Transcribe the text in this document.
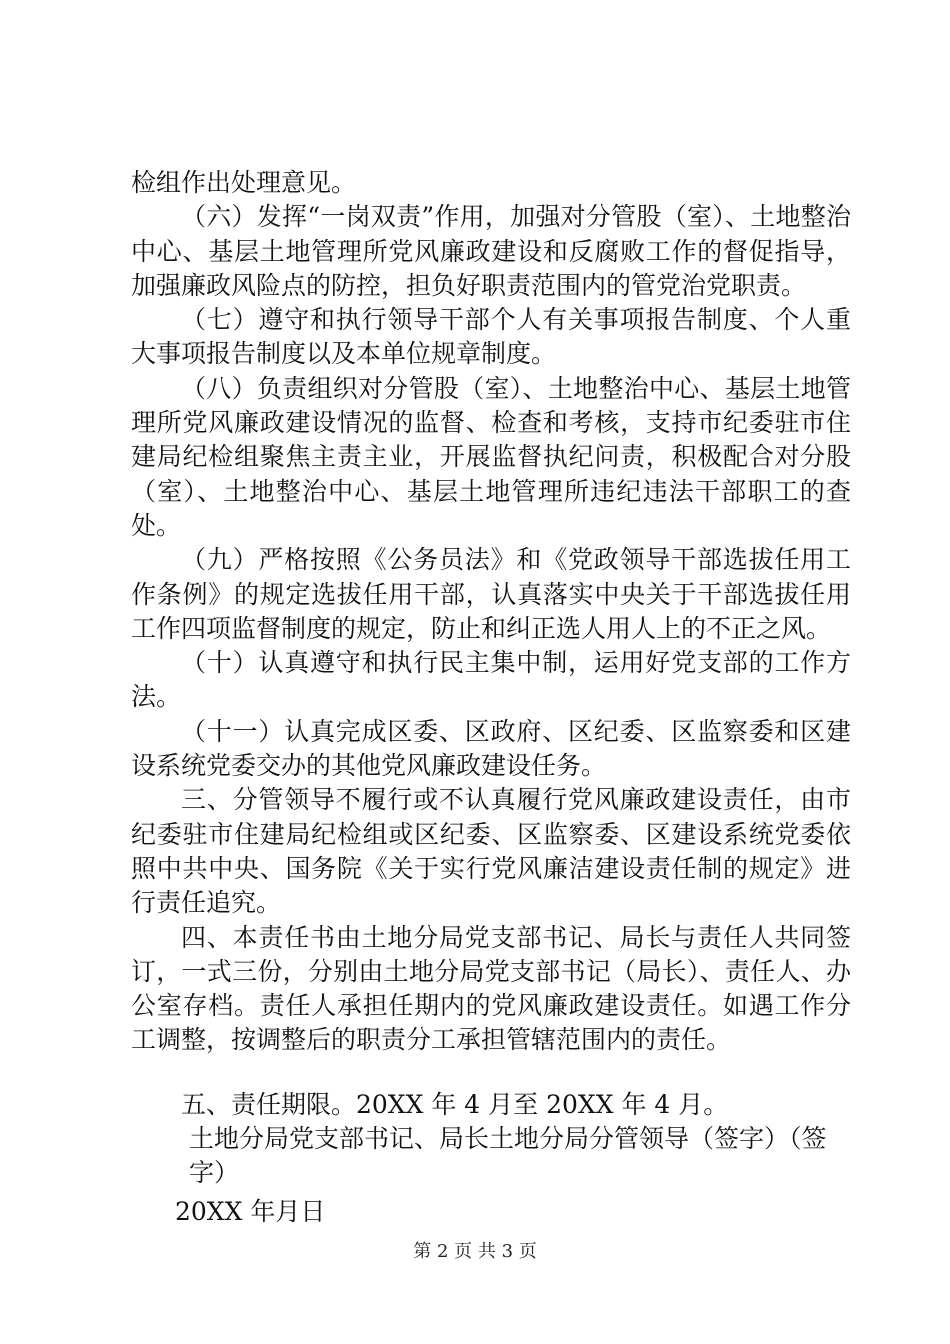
检组作出处理意见。

（六）发挥“一岗双责”作用，加强对分管股（室）、土地整治中心、基层土地管理所党风廉政建设和反腐败工作的督促指导，加强廉政风险点的防控，担负好职责范围内的管党治党职责。

（七）遵守和执行领导干部个人有关事项报告制度、个人重大事项报告制度以及本单位规章制度。

（八）负责组织对分管股（室）、土地整治中心、基层土地管理所党风廉政建设情况的监督、检查和考核，支持市纪委驻市住建局纪检组聚焦主责主业，开展监督执纪问责，积极配合对分股（室）、土地整治中心、基层土地管理所违纪违法干部职工的查处。

（九）严格按照《公务员法》和《党政领导干部选拔任用工作条例》的规定选拔任用干部，认真落实中央关于干部选拔任用工作四项监督制度的规定，防止和纠正选人用人上的不正之风。

（十）认真遵守和执行民主集中制，运用好党支部的工作方法。

（十一）认真完成区委、区政府、区纪委、区监察委和区建设系统党委交办的其他党风廉政建设任务。

三、分管领导不履行或不认真履行党风廉政建设责任，由市纪委驻市住建局纪检组或区纪委、区监察委、区建设系统党委依照中共中央、国务院《关于实行党风廉洁建设责任制的规定》进行责任追究。

四、本责任书由土地分局党支部书记、局长与责任人共同签订，一式三份，分别由土地分局党支部书记（局长）、责任人、办公室存档。责任人承担任期内的党风廉政建设责任。如遇工作分工调整，按调整后的职责分工承担管辖范围内的责任。

五、责任期限。20XX 年 4 月至 20XX 年 4 月。

土地分局党支部书记、局长土地分局分管领导（签字）（签字）

20XX 年月日

第 2 页 共 3 页
